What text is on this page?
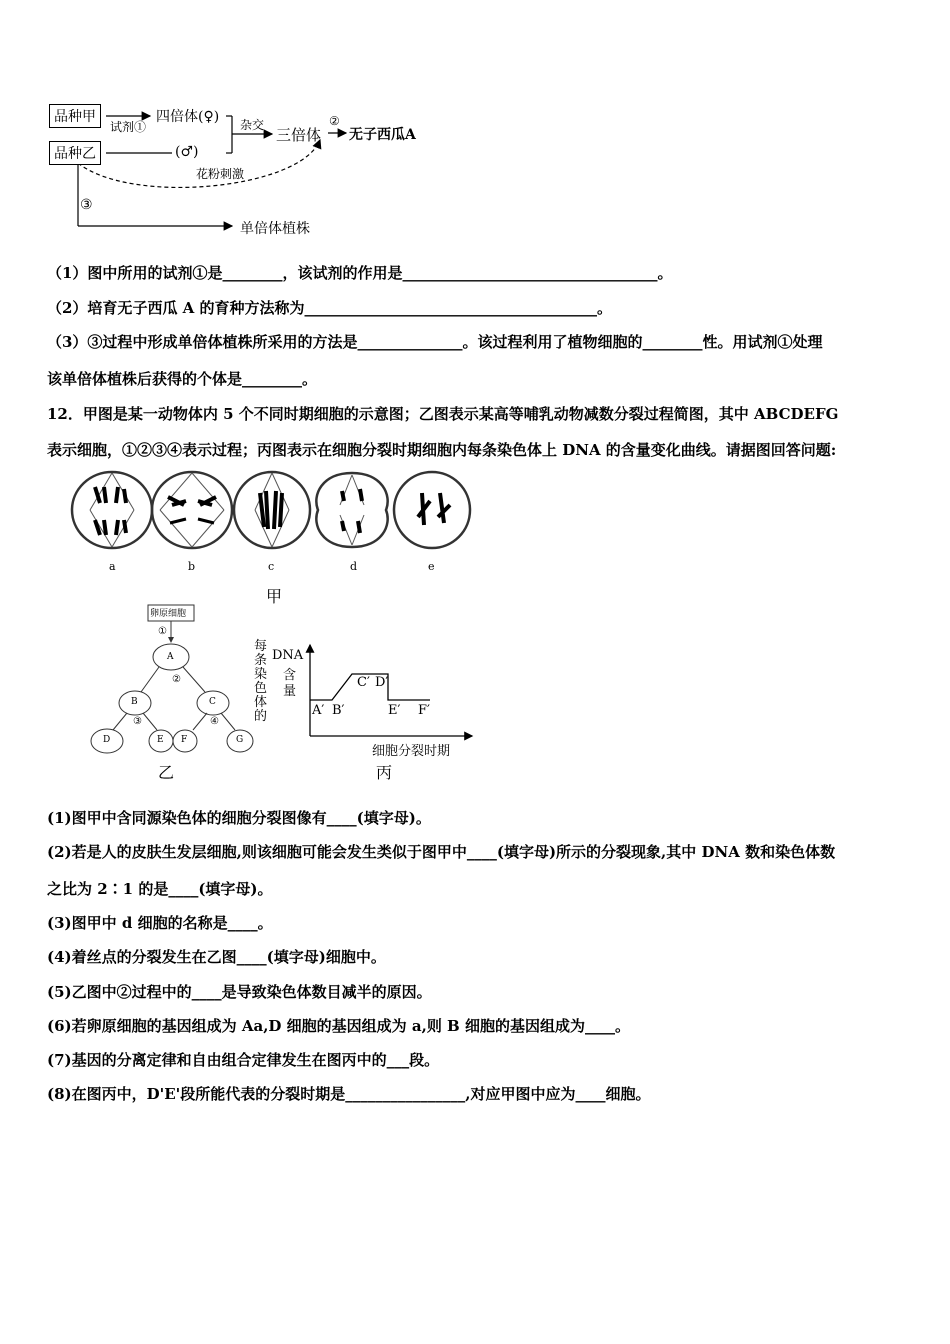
品种甲
品种乙
试剂①
四倍体(♀)
(♂)
杂交
三倍体
②
无子西瓜A
花粉刺激
③
单倍体植株
（1）图中所用的试剂①是________，该试剂的作用是__________________________________。
（2）培育无子西瓜 A 的育种方法称为_______________________________________。
（3）③过程中形成单倍体植株所采用的方法是______________。该过程利用了植物细胞的________性。用试剂①处理
该单倍体植株后获得的个体是________。
12．甲图是某一动物体内 5 个不同时期细胞的示意图；乙图表示某高等哺乳动物减数分裂过程简图，其中 ABCDEFG
表示细胞，①②③④表示过程；丙图表示在细胞分裂时期细胞内每条染色体上 DNA 的含量变化曲线。请据图回答问题:
a	b	c	d	e
甲
卵原细胞
①
A
②
B	C
③	④
D	E F	G
乙
每条染色体的
DNA
含
量
A′ B′
C′ D′
E′ F′
细胞分裂时期
丙
(1)图甲中含同源染色体的细胞分裂图像有____(填字母)。
(2)若是人的皮肤生发层细胞,则该细胞可能会发生类似于图甲中____(填字母)所示的分裂现象,其中 DNA 数和染色体数
之比为 2∶1 的是____(填字母)。
(3)图甲中 d 细胞的名称是____。
(4)着丝点的分裂发生在乙图____(填字母)细胞中。
(5)乙图中②过程中的____是导致染色体数目减半的原因。
(6)若卵原细胞的基因组成为 Aa,D 细胞的基因组成为 a,则 B 细胞的基因组成为____。
(7)基因的分离定律和自由组合定律发生在图丙中的___段。
(8)在图丙中，D'E'段所能代表的分裂时期是________________,对应甲图中应为____细胞。
